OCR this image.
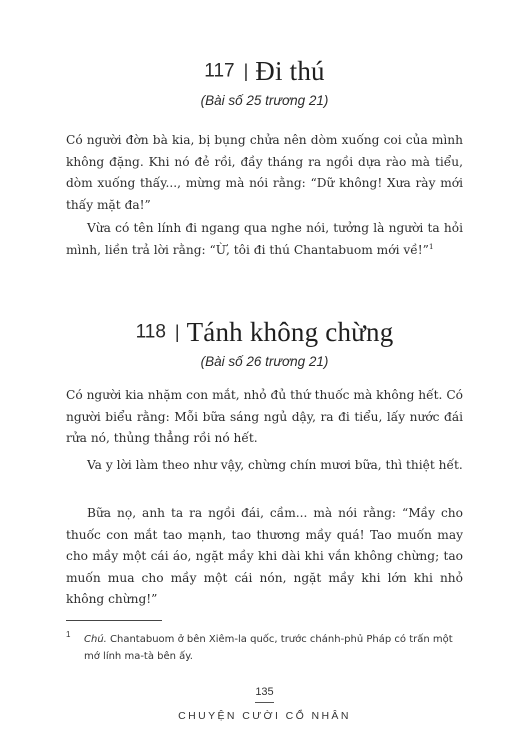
117 | Đi thú
(Bài số 25 trương 21)
Có người đờn bà kia, bị bụng chửa nên dòm xuống coi của mình không đặng. Khi nó đẻ rồi, đầy tháng ra ngồi dựa rào mà tiểu, dòm xuống thấy..., mừng mà nói rằng: “Dữ không! Xưa rày mới thấy mặt đa!”
Vừa có tên lính đi ngang qua nghe nói, tưởng là người ta hỏi mình, liền trả lời rằng: “Ừ, tôi đi thú Chantabuom mới về!”$^1$
118 | Tánh không chừng
(Bài số 26 trương 21)
Có người kia nhặm con mắt, nhỏ đủ thứ thuốc mà không hết. Có người biểu rằng: Mỗi bữa sáng ngủ dậy, ra đi tiểu, lấy nước đái rửa nó, thủng thẳng rồi nó hết.
Va y lời làm theo như vậy, chừng chín mươi bữa, thì thiệt hết.
Bữa nọ, anh ta ra ngồi đái, cầm... mà nói rằng: “Mầy cho thuốc con mắt tao mạnh, tao thương mầy quá! Tao muốn may cho mầy một cái áo, ngặt mầy khi dài khi vắn không chừng; tao muốn mua cho mầy một cái nón, ngặt mầy khi lớn khi nhỏ không chừng!”
1 Chú. Chantabuom ở bên Xiêm-la quốc, trước chánh-phủ Pháp có trấn một mớ lính ma-tà bên ấy.
135
CHUYỆN CƯỜI CỔ NHÂN
